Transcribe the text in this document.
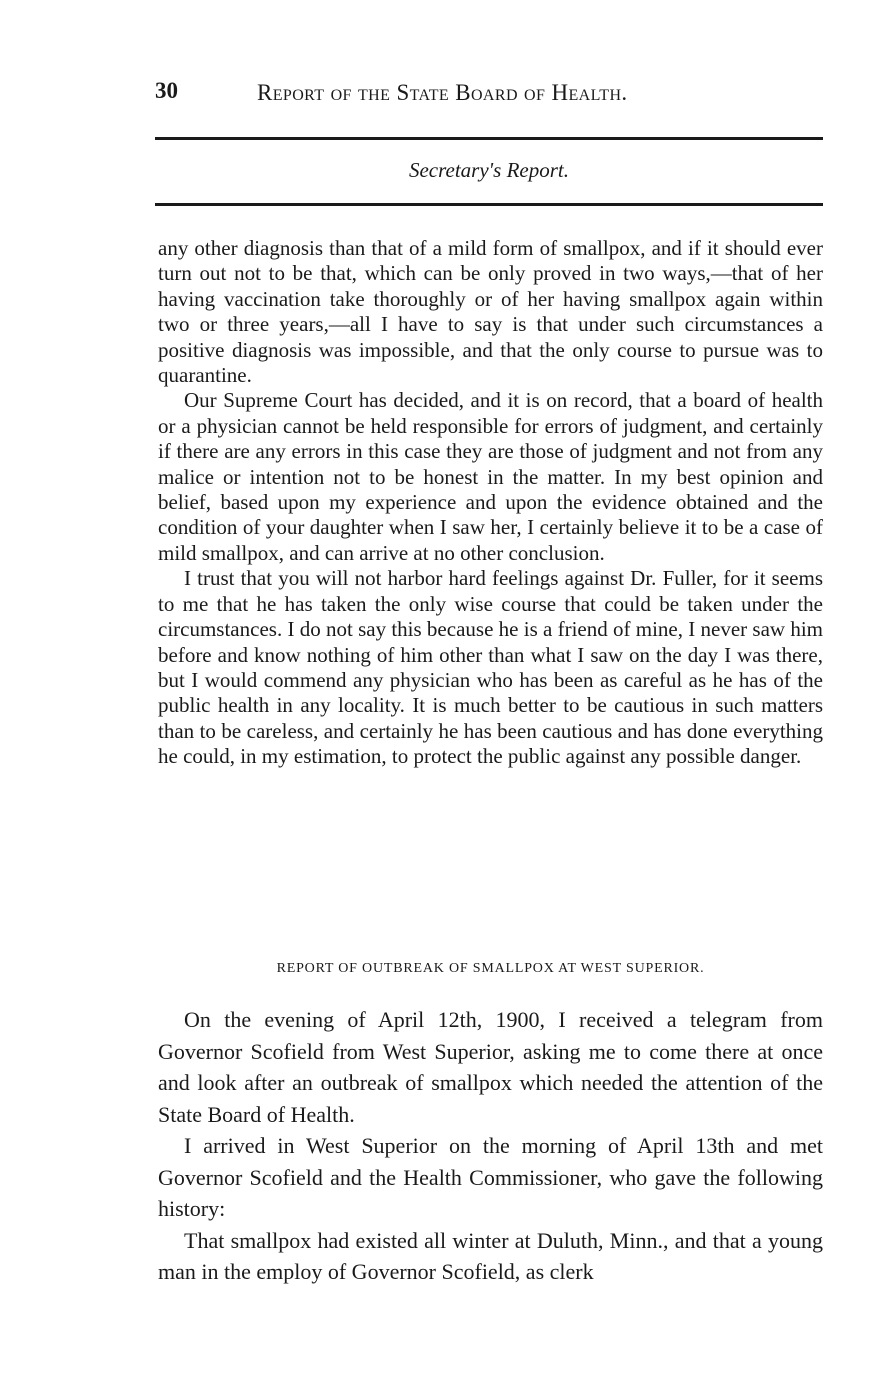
30	Report of the State Board of Health.
Secretary's Report.

any other diagnosis than that of a mild form of smallpox, and if it should ever turn out not to be that, which can be only proved in two ways,—that of her having vaccination take thoroughly or of her having smallpox again within two or three years,—all I have to say is that under such circumstances a positive diagnosis was impossible, and that the only course to pursue was to quarantine.

Our Supreme Court has decided, and it is on record, that a board of health or a physician cannot be held responsible for errors of judgment, and certainly if there are any errors in this case they are those of judgment and not from any malice or intention not to be honest in the matter. In my best opinion and belief, based upon my experience and upon the evidence obtained and the condition of your daughter when I saw her, I certainly believe it to be a case of mild smallpox, and can arrive at no other conclusion.

I trust that you will not harbor hard feelings against Dr. Fuller, for it seems to me that he has taken the only wise course that could be taken under the circumstances. I do not say this because he is a friend of mine, I never saw him before and know nothing of him other than what I saw on the day I was there, but I would commend any physician who has been as careful as he has of the public health in any locality. It is much better to be cautious in such matters than to be careless, and certainly he has been cautious and has done everything he could, in my estimation, to protect the public against any possible danger.

REPORT OF OUTBREAK OF SMALLPOX AT WEST SUPERIOR.

On the evening of April 12th, 1900, I received a telegram from Governor Scofield from West Superior, asking me to come there at once and look after an outbreak of smallpox which needed the attention of the State Board of Health.

I arrived in West Superior on the morning of April 13th and met Governor Scofield and the Health Commissioner, who gave the following history:

That smallpox had existed all winter at Duluth, Minn., and that a young man in the employ of Governor Scofield, as clerk
